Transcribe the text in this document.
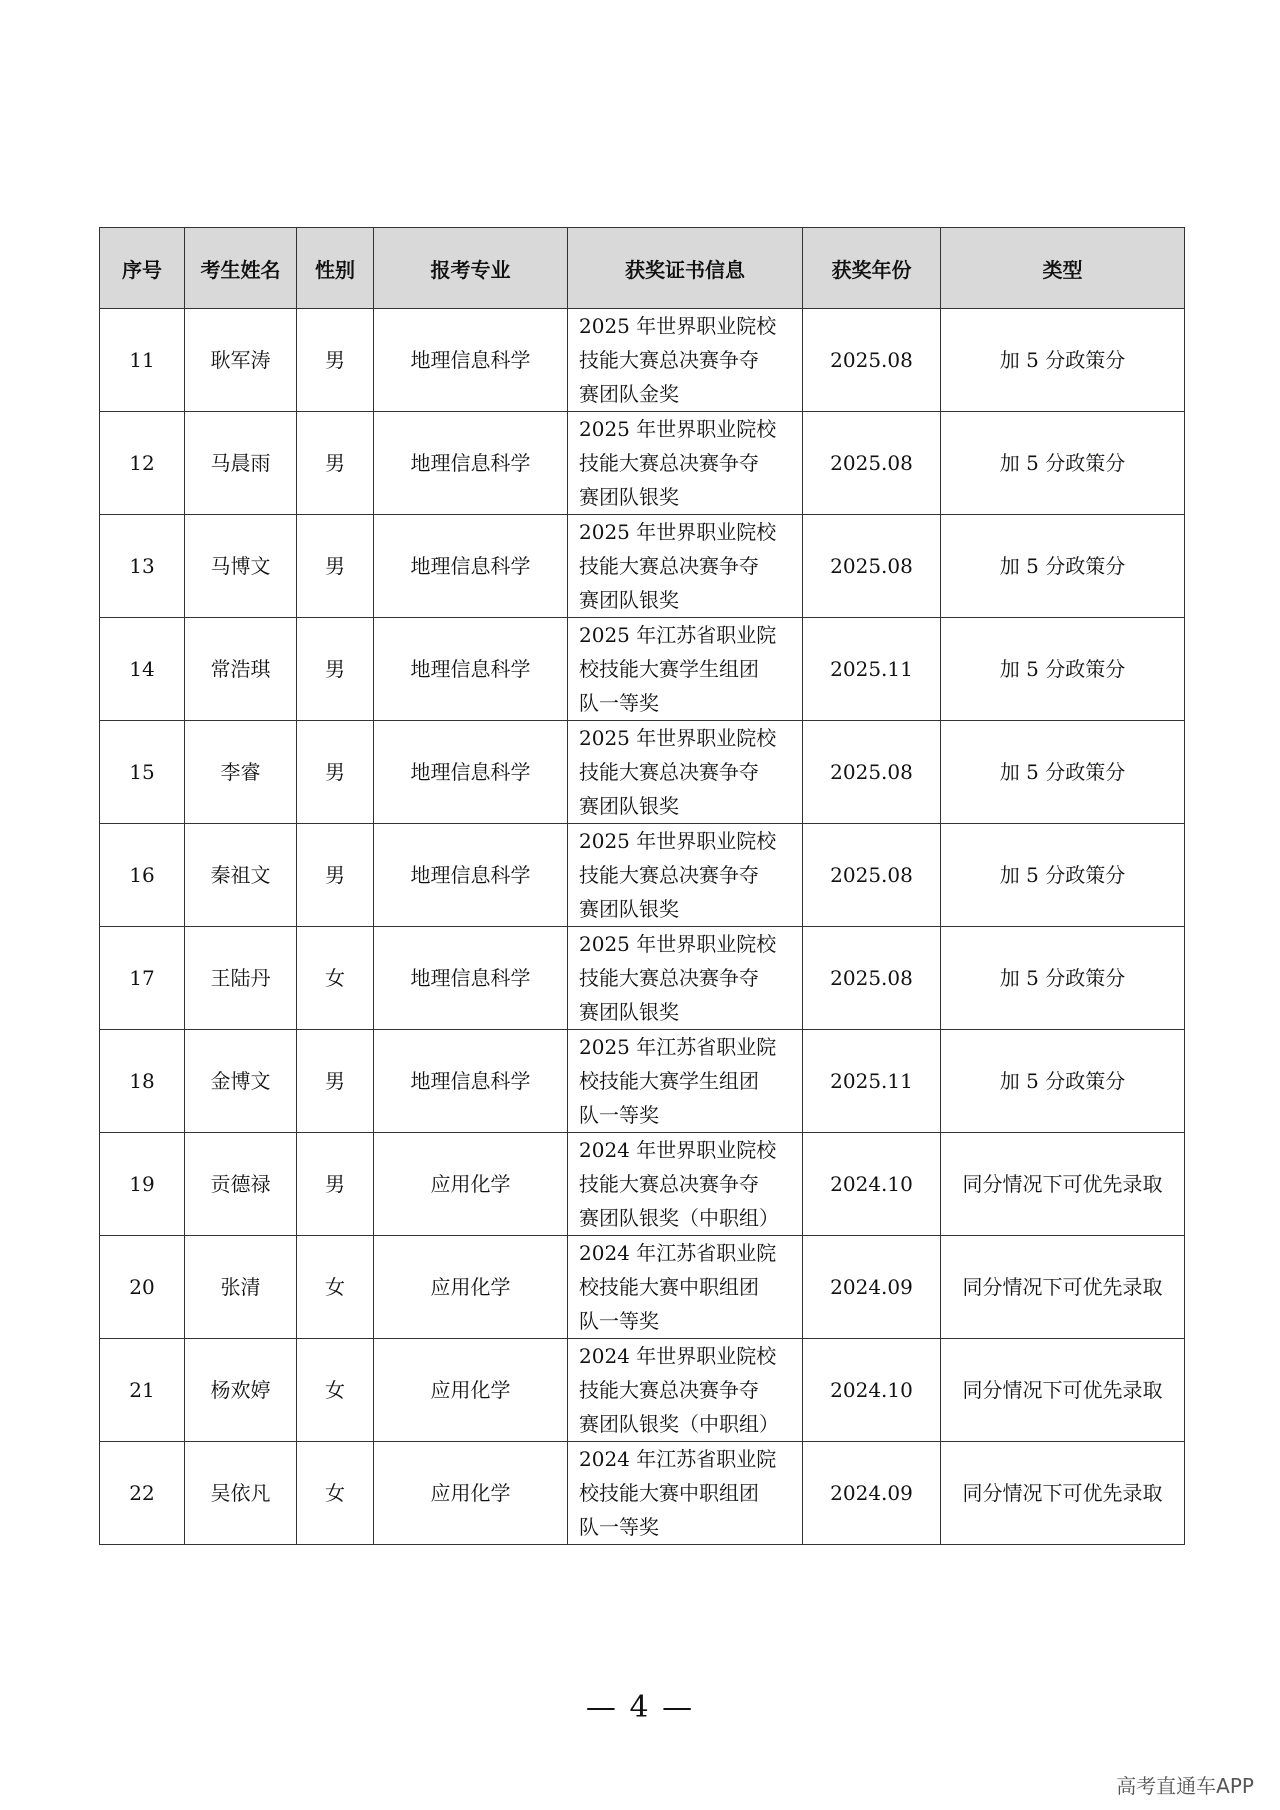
序号	考生姓名	性别	报考专业	获奖证书信息	获奖年份	类型
11	耿军涛	男	地理信息科学	2025 年世界职业院校
技能大赛总决赛争夺
赛团队金奖	2025.08	加 5 分政策分
12	马晨雨	男	地理信息科学	2025 年世界职业院校
技能大赛总决赛争夺
赛团队银奖	2025.08	加 5 分政策分
13	马博文	男	地理信息科学	2025 年世界职业院校
技能大赛总决赛争夺
赛团队银奖	2025.08	加 5 分政策分
14	常浩琪	男	地理信息科学	2025 年江苏省职业院
校技能大赛学生组团
队一等奖	2025.11	加 5 分政策分
15	李睿	男	地理信息科学	2025 年世界职业院校
技能大赛总决赛争夺
赛团队银奖	2025.08	加 5 分政策分
16	秦祖文	男	地理信息科学	2025 年世界职业院校
技能大赛总决赛争夺
赛团队银奖	2025.08	加 5 分政策分
17	王陆丹	女	地理信息科学	2025 年世界职业院校
技能大赛总决赛争夺
赛团队银奖	2025.08	加 5 分政策分
18	金博文	男	地理信息科学	2025 年江苏省职业院
校技能大赛学生组团
队一等奖	2025.11	加 5 分政策分
19	贡德禄	男	应用化学	2024 年世界职业院校
技能大赛总决赛争夺
赛团队银奖（中职组）	2024.10	同分情况下可优先录取
20	张清	女	应用化学	2024 年江苏省职业院
校技能大赛中职组团
队一等奖	2024.09	同分情况下可优先录取
21	杨欢婷	女	应用化学	2024 年世界职业院校
技能大赛总决赛争夺
赛团队银奖（中职组）	2024.10	同分情况下可优先录取
22	吴依凡	女	应用化学	2024 年江苏省职业院
校技能大赛中职组团
队一等奖	2024.09	同分情况下可优先录取
— 4 —
高考直通车APP
